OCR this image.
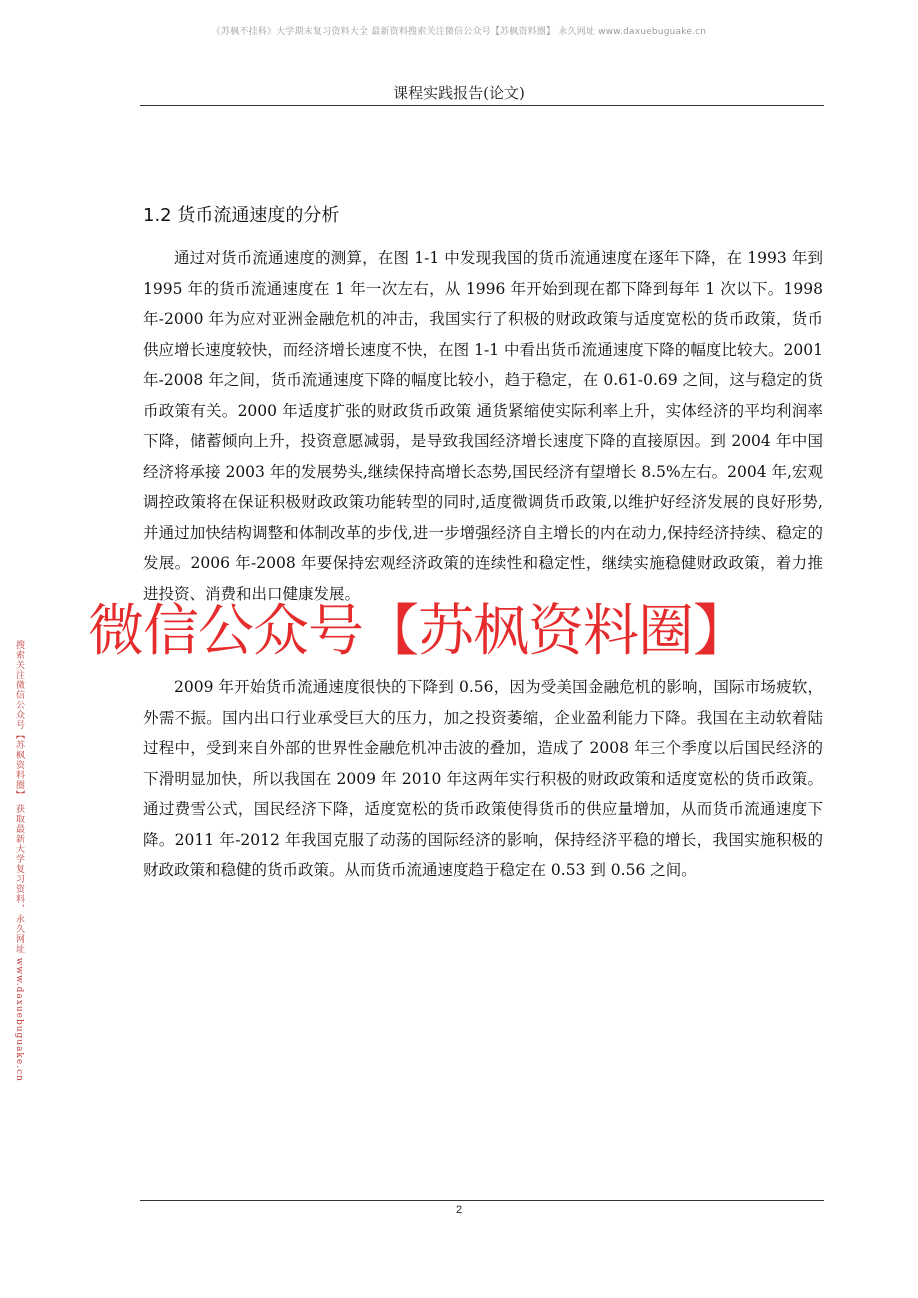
《苏枫不挂科》大学期末复习资料大全 最新资料搜索关注微信公众号【苏枫资料圈】 永久网址 www.daxuebuguake.cn
课程实践报告(论文)
1.2 货币流通速度的分析

通过对货币流通速度的测算，在图 1-1 中发现我国的货币流通速度在逐年下降，在 1993 年到 1995 年的货币流通速度在 1 年一次左右，从 1996 年开始到现在都下降到每年 1 次以下。1998 年-2000 年为应对亚洲金融危机的冲击，我国实行了积极的财政政策与适度宽松的货币政策，货币供应增长速度较快，而经济增长速度不快，在图 1-1 中看出货币流通速度下降的幅度比较大。2001 年-2008 年之间，货币流通速度下降的幅度比较小，趋于稳定，在 0.61-0.69 之间，这与稳定的货币政策有关。2000 年适度扩张的财政货币政策 通货紧缩使实际利率上升，实体经济的平均利润率下降，储蓄倾向上升，投资意愿减弱，是导致我国经济增长速度下降的直接原因。到 2004 年中国经济将承接 2003 年的发展势头,继续保持高增长态势,国民经济有望增长 8.5%左右。2004 年,宏观调控政策将在保证积极财政政策功能转型的同时,适度微调货币政策,以维护好经济发展的良好形势,并通过加快结构调整和体制改革的步伐,进一步增强经济自主增长的内在动力,保持经济持续、稳定的发展。2006 年-2008 年要保持宏观经济政策的连续性和稳定性，继续实施稳健财政政策，着力推进投资、消费和出口健康发展。

2009 年开始货币流通速度很快的下降到 0.56，因为受美国金融危机的影响，国际市场疲软，外需不振。国内出口行业承受巨大的压力，加之投资萎缩，企业盈利能力下降。我国在主动软着陆过程中，受到来自外部的世界性金融危机冲击波的叠加，造成了 2008 年三个季度以后国民经济的下滑明显加快，所以我国在 2009 年 2010 年这两年实行积极的财政政策和适度宽松的货币政策。通过费雪公式，国民经济下降，适度宽松的货币政策使得货币的供应量增加，从而货币流通速度下降。2011 年-2012 年我国克服了动荡的国际经济的影响，保持经济平稳的增长，我国实施积极的财政政策和稳健的货币政策。从而货币流通速度趋于稳定在 0.53 到 0.56 之间。

微信公众号【苏枫资料圈】
搜索关注微信公众号【苏枫资料圈】 获取最新大学复习资料，永久网址 www.daxuebuguake.cn
2
